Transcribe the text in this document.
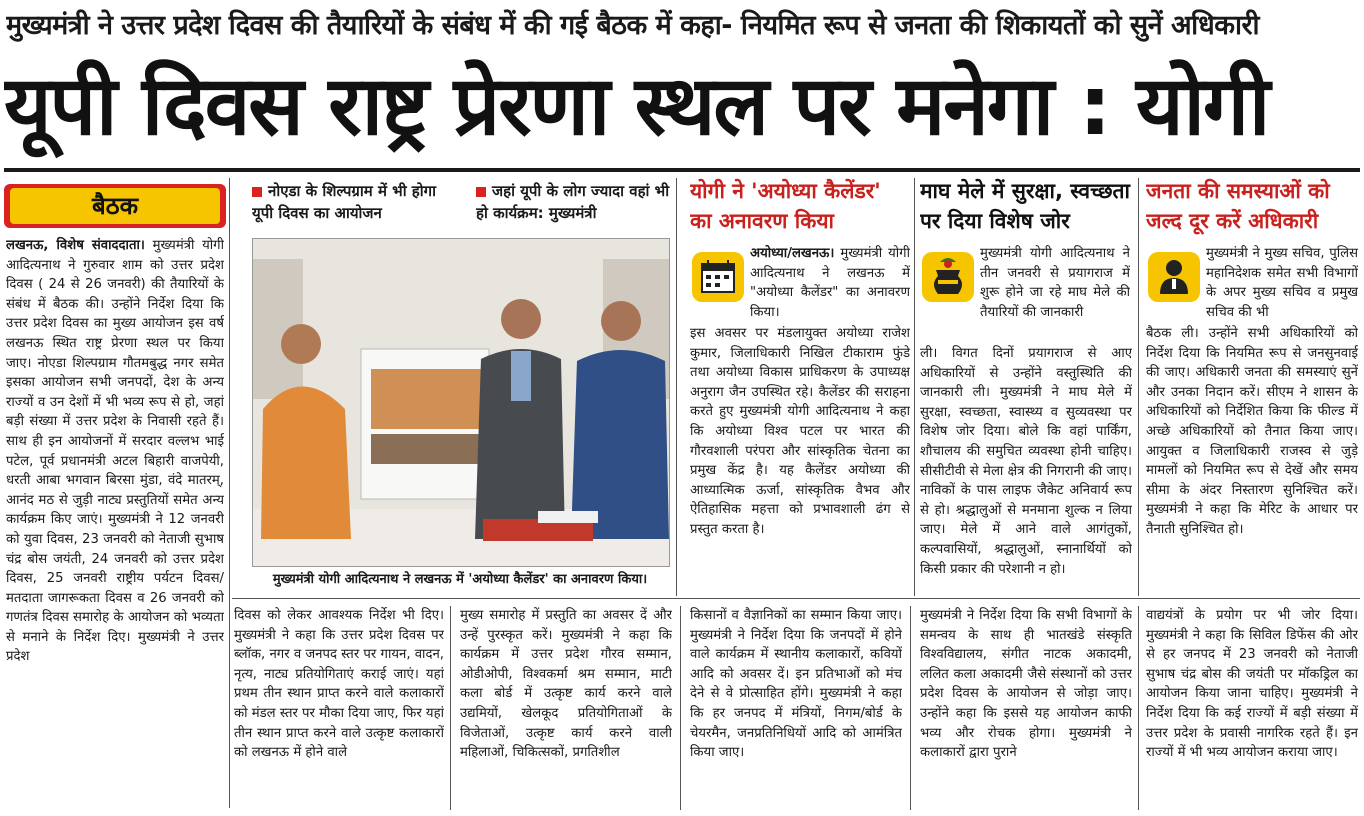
मुख्यमंत्री ने उत्तर प्रदेश दिवस की तैयारियों के संबंध में की गई बैठक में कहा- नियमित रूप से जनता की शिकायतों को सुनें अधिकारी
यूपी दिवस राष्ट्र प्रेरणा स्थल पर मनेगा : योगी
बैठक
लखनऊ, विशेष संवाददाता। मुख्यमंत्री योगी आदित्यनाथ ने गुरुवार शाम को उत्तर प्रदेश दिवस ( 24 से 26 जनवरी) की तैयारियों के संबंध में बैठक की। उन्होंने निर्देश दिया कि उत्तर प्रदेश दिवस का मुख्य आयोजन इस वर्ष लखनऊ स्थित राष्ट्र प्रेरणा स्थल पर किया जाए। नोएडा शिल्पग्राम गौतमबुद्ध नगर समेत इसका आयोजन सभी जनपदों, देश के अन्य राज्यों व उन देशों में भी भव्य रूप से हो, जहां बड़ी संख्या में उत्तर प्रदेश के निवासी रहते हैं। साथ ही इन आयोजनों में सरदार वल्लभ भाई पटेल, पूर्व प्रधानमंत्री अटल बिहारी वाजपेयी, धरती आबा भगवान बिरसा मुंडा, वंदे मातरम्, आनंद मठ से जुड़ी नाट्य प्रस्तुतियों समेत अन्य कार्यक्रम किए जाएं। मुख्यमंत्री ने 12 जनवरी को युवा दिवस, 23 जनवरी को नेताजी सुभाष चंद्र बोस जयंती, 24 जनवरी को उत्तर प्रदेश दिवस, 25 जनवरी राष्ट्रीय पर्यटन दिवस/मतदाता जागरूकता दिवस व 26 जनवरी को गणतंत्र दिवस समारोह के आयोजन को भव्यता से मनाने के निर्देश दिए। मुख्यमंत्री ने उत्तर प्रदेश
नोएडा के शिल्पग्राम में भी होगा यूपी दिवस का आयोजन
जहां यूपी के लोग ज्यादा वहां भी हो कार्यक्रम: मुख्यमंत्री
मुख्यमंत्री योगी आदित्यनाथ ने लखनऊ में 'अयोध्या कैलेंडर' का अनावरण किया।
योगी ने 'अयोध्या कैलेंडर' का अनावरण किया
अयोध्या/लखनऊ। मुख्यमंत्री योगी आदित्यनाथ ने लखनऊ में "अयोध्या कैलेंडर" का अनावरण किया।
इस अवसर पर मंडलायुक्त अयोध्या राजेश कुमार, जिलाधिकारी निखिल टीकाराम फुंडे तथा अयोध्या विकास प्राधिकरण के उपाध्यक्ष अनुराग जैन उपस्थित रहे। कैलेंडर की सराहना करते हुए मुख्यमंत्री योगी आदित्यनाथ ने कहा कि अयोध्या विश्व पटल पर भारत की गौरवशाली परंपरा और सांस्कृतिक चेतना का प्रमुख केंद्र है। यह कैलेंडर अयोध्या की आध्यात्मिक ऊर्जा, सांस्कृतिक वैभव और ऐतिहासिक महत्ता को प्रभावशाली ढंग से प्रस्तुत करता है।
माघ मेले में सुरक्षा, स्वच्छता पर दिया विशेष जोर
मुख्यमंत्री योगी आदित्यनाथ ने तीन जनवरी से प्रयागराज में शुरू होने जा रहे माघ मेले की तैयारियों की जानकारी
ली। विगत दिनों प्रयागराज से आए अधिकारियों से उन्होंने वस्तुस्थिति की जानकारी ली। मुख्यमंत्री ने माघ मेले में सुरक्षा, स्वच्छता, स्वास्थ्य व सुव्यवस्था पर विशेष जोर दिया। बोले कि वहां पार्किंग, शौचालय की समुचित व्यवस्था होनी चाहिए। सीसीटीवी से मेला क्षेत्र की निगरानी की जाए। नाविकों के पास लाइफ जैकेट अनिवार्य रूप से हो। श्रद्धालुओं से मनमाना शुल्क न लिया जाए। मेले में आने वाले आगंतुकों, कल्पवासियों, श्रद्धालुओं, स्नानार्थियों को किसी प्रकार की परेशानी न हो।
जनता की समस्याओं को जल्द दूर करें अधिकारी
मुख्यमंत्री ने मुख्य सचिव, पुलिस महानिदेशक समेत सभी विभागों के अपर मुख्य सचिव व प्रमुख सचिव की भी
बैठक ली। उन्होंने सभी अधिकारियों को निर्देश दिया कि नियमित रूप से जनसुनवाई की जाए। अधिकारी जनता की समस्याएं सुनें और उनका निदान करें। सीएम ने शासन के अधिकारियों को निर्देशित किया कि फील्ड में अच्छे अधिकारियों को तैनात किया जाए। आयुक्त व जिलाधिकारी राजस्व से जुड़े मामलों को नियमित रूप से देखें और समय सीमा के अंदर निस्तारण सुनिश्चित करें। मुख्यमंत्री ने कहा कि मेरिट के आधार पर तैनाती सुनिश्चित हो।
दिवस को लेकर आवश्यक निर्देश भी दिए। मुख्यमंत्री ने कहा कि उत्तर प्रदेश दिवस पर ब्लॉक, नगर व जनपद स्तर पर गायन, वादन, नृत्य, नाट्य प्रतियोगिताएं कराई जाएं। यहां प्रथम तीन स्थान प्राप्त करने वाले कलाकारों को मंडल स्तर पर मौका दिया जाए, फिर यहां तीन स्थान प्राप्त करने वाले उत्कृष्ट कलाकारों को लखनऊ में होने वाले
मुख्य समारोह में प्रस्तुति का अवसर दें और उन्हें पुरस्कृत करें। मुख्यमंत्री ने कहा कि कार्यक्रम में उत्तर प्रदेश गौरव सम्मान, ओडीओपी, विश्वकर्मा श्रम सम्मान, माटी कला बोर्ड में उत्कृष्ट कार्य करने वाले उद्यमियों, खेलकूद प्रतियोगिताओं के विजेताओं, उत्कृष्ट कार्य करने वाली महिलाओं, चिकित्सकों, प्रगतिशील
किसानों व वैज्ञानिकों का सम्मान किया जाए। मुख्यमंत्री ने निर्देश दिया कि जनपदों में होने वाले कार्यक्रम में स्थानीय कलाकारों, कवियों आदि को अवसर दें। इन प्रतिभाओं को मंच देने से वे प्रोत्साहित होंगे। मुख्यमंत्री ने कहा कि हर जनपद में मंत्रियों, निगम/बोर्ड के चेयरमैन, जनप्रतिनिधियों आदि को आमंत्रित किया जाए।
मुख्यमंत्री ने निर्देश दिया कि सभी विभागों के समन्वय के साथ ही भातखंडे संस्कृति विश्वविद्यालय, संगीत नाटक अकादमी, ललित कला अकादमी जैसे संस्थानों को उत्तर प्रदेश दिवस के आयोजन से जोड़ा जाए। उन्होंने कहा कि इससे यह आयोजन काफी भव्य और रोचक होगा। मुख्यमंत्री ने कलाकारों द्वारा पुराने
वाद्ययंत्रों के प्रयोग पर भी जोर दिया। मुख्यमंत्री ने कहा कि सिविल डिफेंस की ओर से हर जनपद में 23 जनवरी को नेताजी सुभाष चंद्र बोस की जयंती पर मॉकड्रिल का आयोजन किया जाना चाहिए। मुख्यमंत्री ने निर्देश दिया कि कई राज्यों में बड़ी संख्या में उत्तर प्रदेश के प्रवासी नागरिक रहते हैं। इन राज्यों में भी भव्य आयोजन कराया जाए।
